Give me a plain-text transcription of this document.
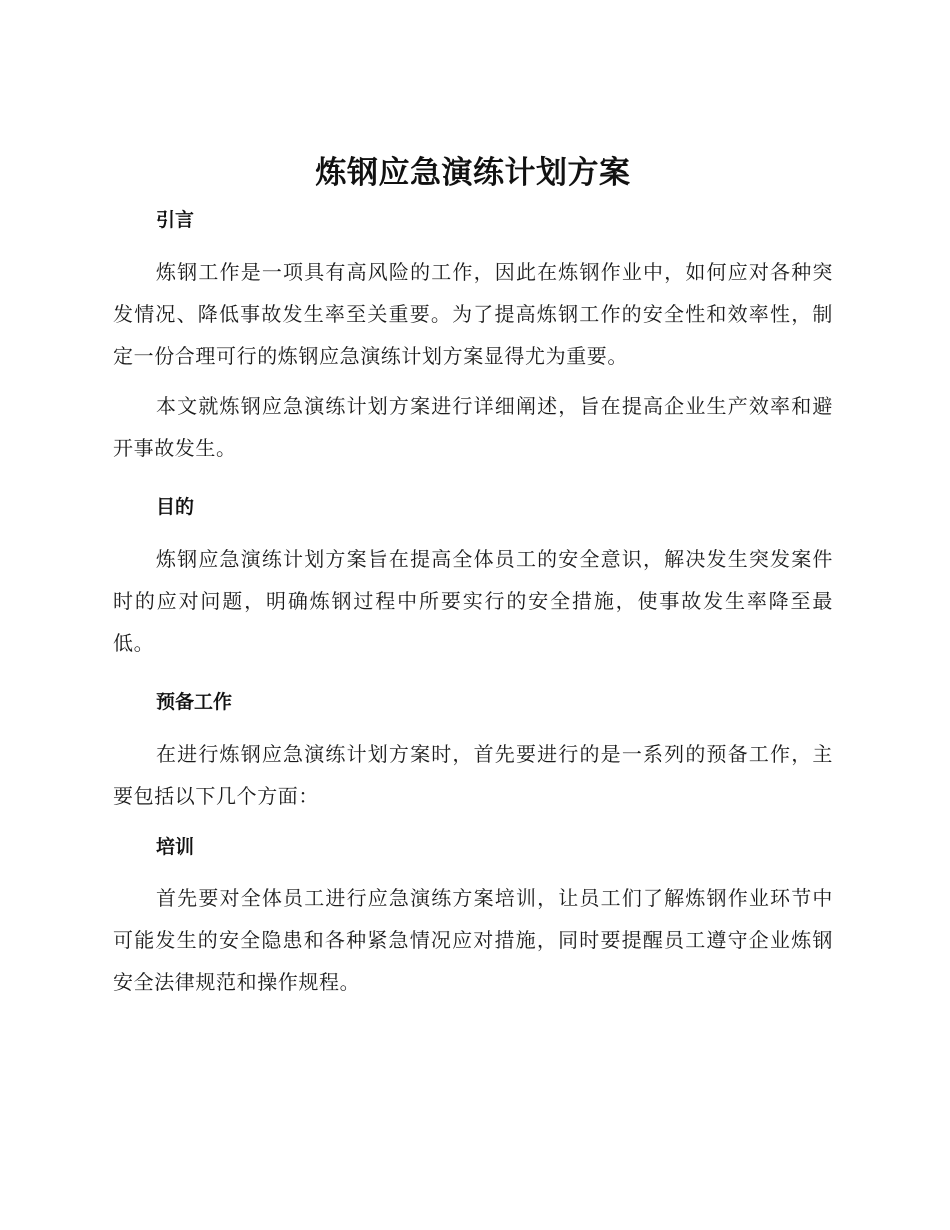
炼钢应急演练计划方案
引言

炼钢工作是一项具有高风险的工作，因此在炼钢作业中，如何应对各种突发情况、降低事故发生率至关重要。为了提高炼钢工作的安全性和效率性，制定一份合理可行的炼钢应急演练计划方案显得尤为重要。

本文就炼钢应急演练计划方案进行详细阐述，旨在提高企业生产效率和避开事故发生。

目的

炼钢应急演练计划方案旨在提高全体员工的安全意识，解决发生突发案件时的应对问题，明确炼钢过程中所要实行的安全措施，使事故发生率降至最低。

预备工作

在进行炼钢应急演练计划方案时，首先要进行的是一系列的预备工作，主要包括以下几个方面：

培训

首先要对全体员工进行应急演练方案培训，让员工们了解炼钢作业环节中可能发生的安全隐患和各种紧急情况应对措施，同时要提醒员工遵守企业炼钢安全法律规范和操作规程。
